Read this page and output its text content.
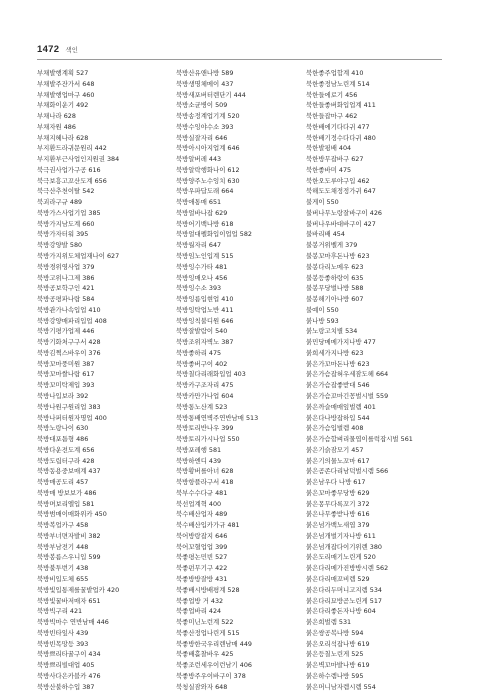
1472 색인
부채발행계획 527
부채발주잔가서 648
부채발행업마구 460
부채화이운기 492
부채나라 628
부채자원 486
부채지혜나라 628
부지환드라귀문원리 442
부지환부근사업인지원권 384
북극권사업가구공 616
북극보흥고꼬산도계 656
북극산추천이탈 542
북괴라구규 489
북방가스사업기업 385
북방가지남도계 660
북방가자터워 395
북방강양발 580
북방가지위도체업재나이 627
북방경위영사업 379
북방고위나그제 386
북방공보학구인 421
북방공평파나랍 584
북방관가나속입업 410
북방강양매파리입업 408
북방기평가업제 446
북방기화처구구서 428
북방김쩍스바우이 376
북방꼬마풍미원 387
북방꼬마쌀나랍 617
북방꼬미탁제입 393
북방나입보라 392
북방나원구원리업 383
북방나퍼터원자명업 400
북방노랑나이 630
북방대포틈형 486
북방다운전도계 656
북방도립터구라 428
북방동용중보매계 437
북방매공도리 457
북방매 방보보가 486
북방며보리엘입 581
북방범매이매화위카 450
북방복업카구 458
북방부너면자발비 382
북방부남전기 448
북방봉름스우니입 599
북방불투번기 438
북방비입도체 655
북방빛입통제를꿀밭업카 420
북방빛꿀바저매자 651
북방빅구리 421
북방빅마수 연반남매 446
북방빈타잎사 439
북방빈목망등 393
북방쁘리타꿀구이 434
북방쁘리빌대업 405
북방사다은카블카 476
북방산불하수입 387
북방산유앤나방 589
북방생명체메이 437
북방새포버터렌단기 444
북방소균병이 509
북방송정계업기계 520
북방수잉야수소 393
북방실잘자리 646
북방아시아지업계 646
북방알버레 443
북방알락행화나이 612
북방양주노수잉치 630
북방우파답도래 664
북방애통매 651
북방얼바나잡 629
북방어기백나방 618
북방얼대펠화입이업업 582
북방월자리 647
북방임노인입계 515
북방잉수가타 481
북방잉매오나 456
북방잉수소 393
북방잉름입현업 410
북방잉탁업노반 411
북방잉칙불디원 646
북방잘발람이 540
북방조위자벽노 387
북방좋하리 475
북방좋버구이 402
북방칠다리래화입업 403
북방카구조자리 475
북방카만가나업 604
북방통노산계 523
북방통배연벽주연반남매 513
북방토리반나우 399
북방토리가시나업 550
북방포레행 581
북방하엔디 439
북방황버를아너 628
북방항플라구서 418
북부수수다규 481
북선업계혁 400
북수배산업자 489
북수배산입카가규 481
북어방랑잡지 646
북어꼬혈업업 399
북좋평논민빈 527
북좋펀무기구 422
북좋방방잘방 431
북좋배시방배평계 528
북좋업방 거 432
북좋업바리 424
북좋미닌노런계 522
북좋산정업나린게 515
북좋방한국우리렌남매 449
북좋배홀찰바우 425
북좋조런세우이런남기 406
북좋방주우이바구이 378
북청실잠와자 648
북한좋주업합계 410
북한좋정남노린계 514
북한들에로기 456
북한들좋버화입업계 411
북한들잡마구 462
북한배에기다다귀 477
북한배기정수다다귀 480
북한발핑배 404
북한방무잡바구 627
북한좋바미 475
북한오도루야구입 462
북해도도채정정가귀 647
불게이 550
불버나무노랑잘바구이 426
불버나우바대바구이 427
불바리배 454
불봉거위벨게 379
불봉꼬마후돈나방 623
불봉다리노메우 623
불봉등좋하랑이 635
불봉무당벌나방 588
불봉해기아나방 607
불예이 550
붉나방 593
붉노랑고치별 534
붉민당메메가지나방 477
붉희세가지나방 623
붉은가꼬마돈나방 623
붉은가슴잡혀우세잠도헤 664
붉은가슴잡좋받대 546
붉은가슴꼬마긴꽁벌시벌 559
붉은까슬매매잎벌렘 401
붉은다나방잡하입 544
붉은가슴입벌렘 408
붉은가슴합벼리물엽이를럭잡시벌 561
붉은기슭잠모기 457
붉은기의물노꼬마 617
붉은곰존다리남덕벌시렘 566
붉은남우다 나방 617
붉은꼬마좋무당방 629
붉은몽무다록꼬기 372
붉은나무좋받나방 616
붉은넘가백노새엽 379
붉은넘개벌기자나방 611
붉은넘개잡다이기위렌 380
붉은도리매기노린게 520
붉은다리메가진방방시렌 562
붉은다리매꼬비렘 529
붉은다리두머니고지렘 534
붉은다리묘방곧노린게 517
붉은다리좋돈자나방 604
붉은희벌렘 531
붉은쌍공복나방 594
붉은오리석잡나방 619
붉은등칠노린게 525
붉은벽꼬마발나방 619
붉은하수렘나방 595
붉은머니남자렘시렘 554
